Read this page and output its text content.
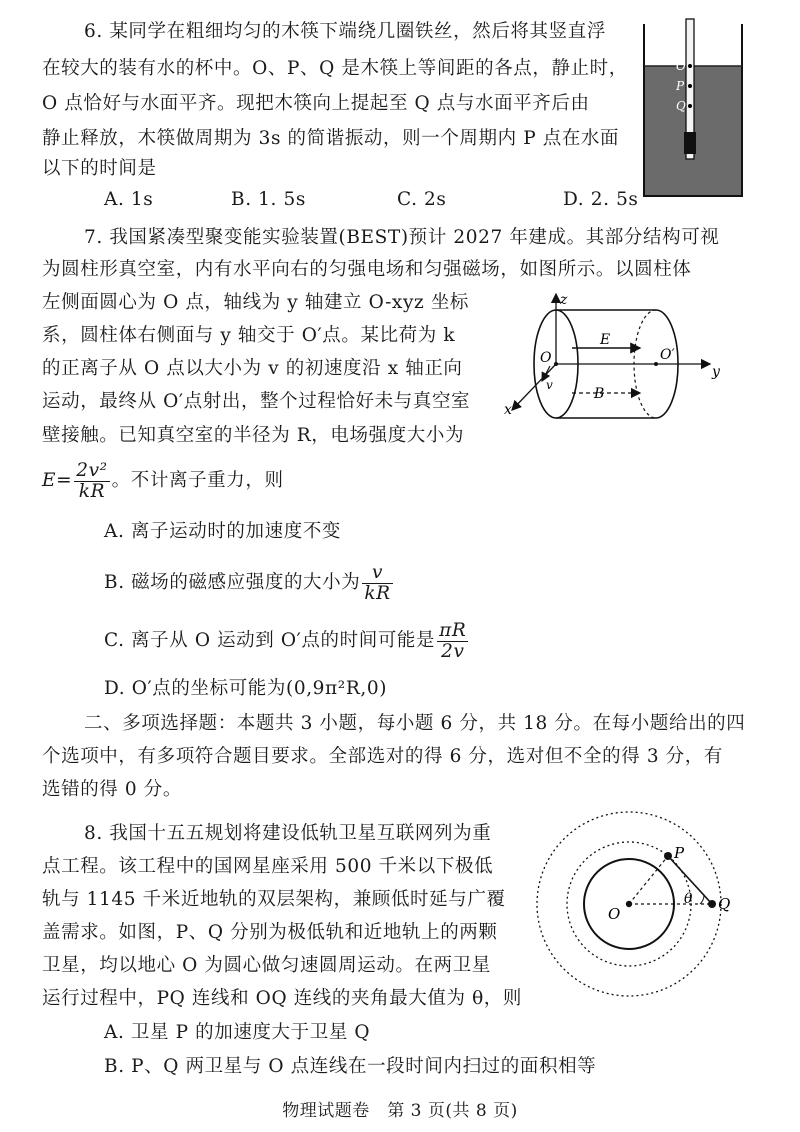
6. 某同学在粗细均匀的木筷下端绕几圈铁丝，然后将其竖直浮
在较大的装有水的杯中。O、P、Q 是木筷上等间距的各点，静止时，
O 点恰好与水面平齐。现把木筷向上提起至 Q 点与水面平齐后由
静止释放，木筷做周期为 3s 的简谐振动，则一个周期内 P 点在水面
以下的时间是
A. 1s	B. 1. 5s	C. 2s	D. 2. 5s
O
P
Q
7. 我国紧凑型聚变能实验装置(BEST)预计 2027 年建成。其部分结构可视
为圆柱形真空室，内有水平向右的匀强电场和匀强磁场，如图所示。以圆柱体
左侧面圆心为 O 点，轴线为 y 轴建立 O-xyz 坐标
系，圆柱体右侧面与 y 轴交于 O′点。某比荷为 k
的正离子从 O 点以大小为 v 的初速度沿 x 轴正向
运动，最终从 O′点射出，整个过程恰好未与真空室
壁接触。已知真空室的半径为 R，电场强度大小为
$E= \frac{\text{2v²}}{kR}$ 。不计离子重力，则
A. 离子运动时的加速度不变
B. 磁场的磁感应强度的大小为 $\frac{v}{kR}$
C. 离子从 O 运动到 O′点的时间可能是 $\frac{\pi R}{2v}$
D. O′点的坐标可能为(0,9π²R,0)
z
y
x
O	O′
E
B
v
二、多项选择题：本题共 3 小题，每小题 6 分，共 18 分。在每小题给出的四
个选项中，有多项符合题目要求。全部选对的得 6 分，选对但不全的得 3 分，有
选错的得 0 分。
8. 我国十五五规划将建设低轨卫星互联网列为重
点工程。该工程中的国网星座采用 500 千米以下极低
轨与 1145 千米近地轨的双层架构，兼顾低时延与广覆
盖需求。如图，P、Q 分别为极低轨和近地轨上的两颗
卫星，均以地心 O 为圆心做匀速圆周运动。在两卫星
运行过程中，PQ 连线和 OQ 连线的夹角最大值为 θ，则
A. 卫星 P 的加速度大于卫星 Q
B. P、Q 两卫星与 O 点连线在一段时间内扫过的面积相等
P
Q
O
θ
物理试题卷　第 3 页(共 8 页)
